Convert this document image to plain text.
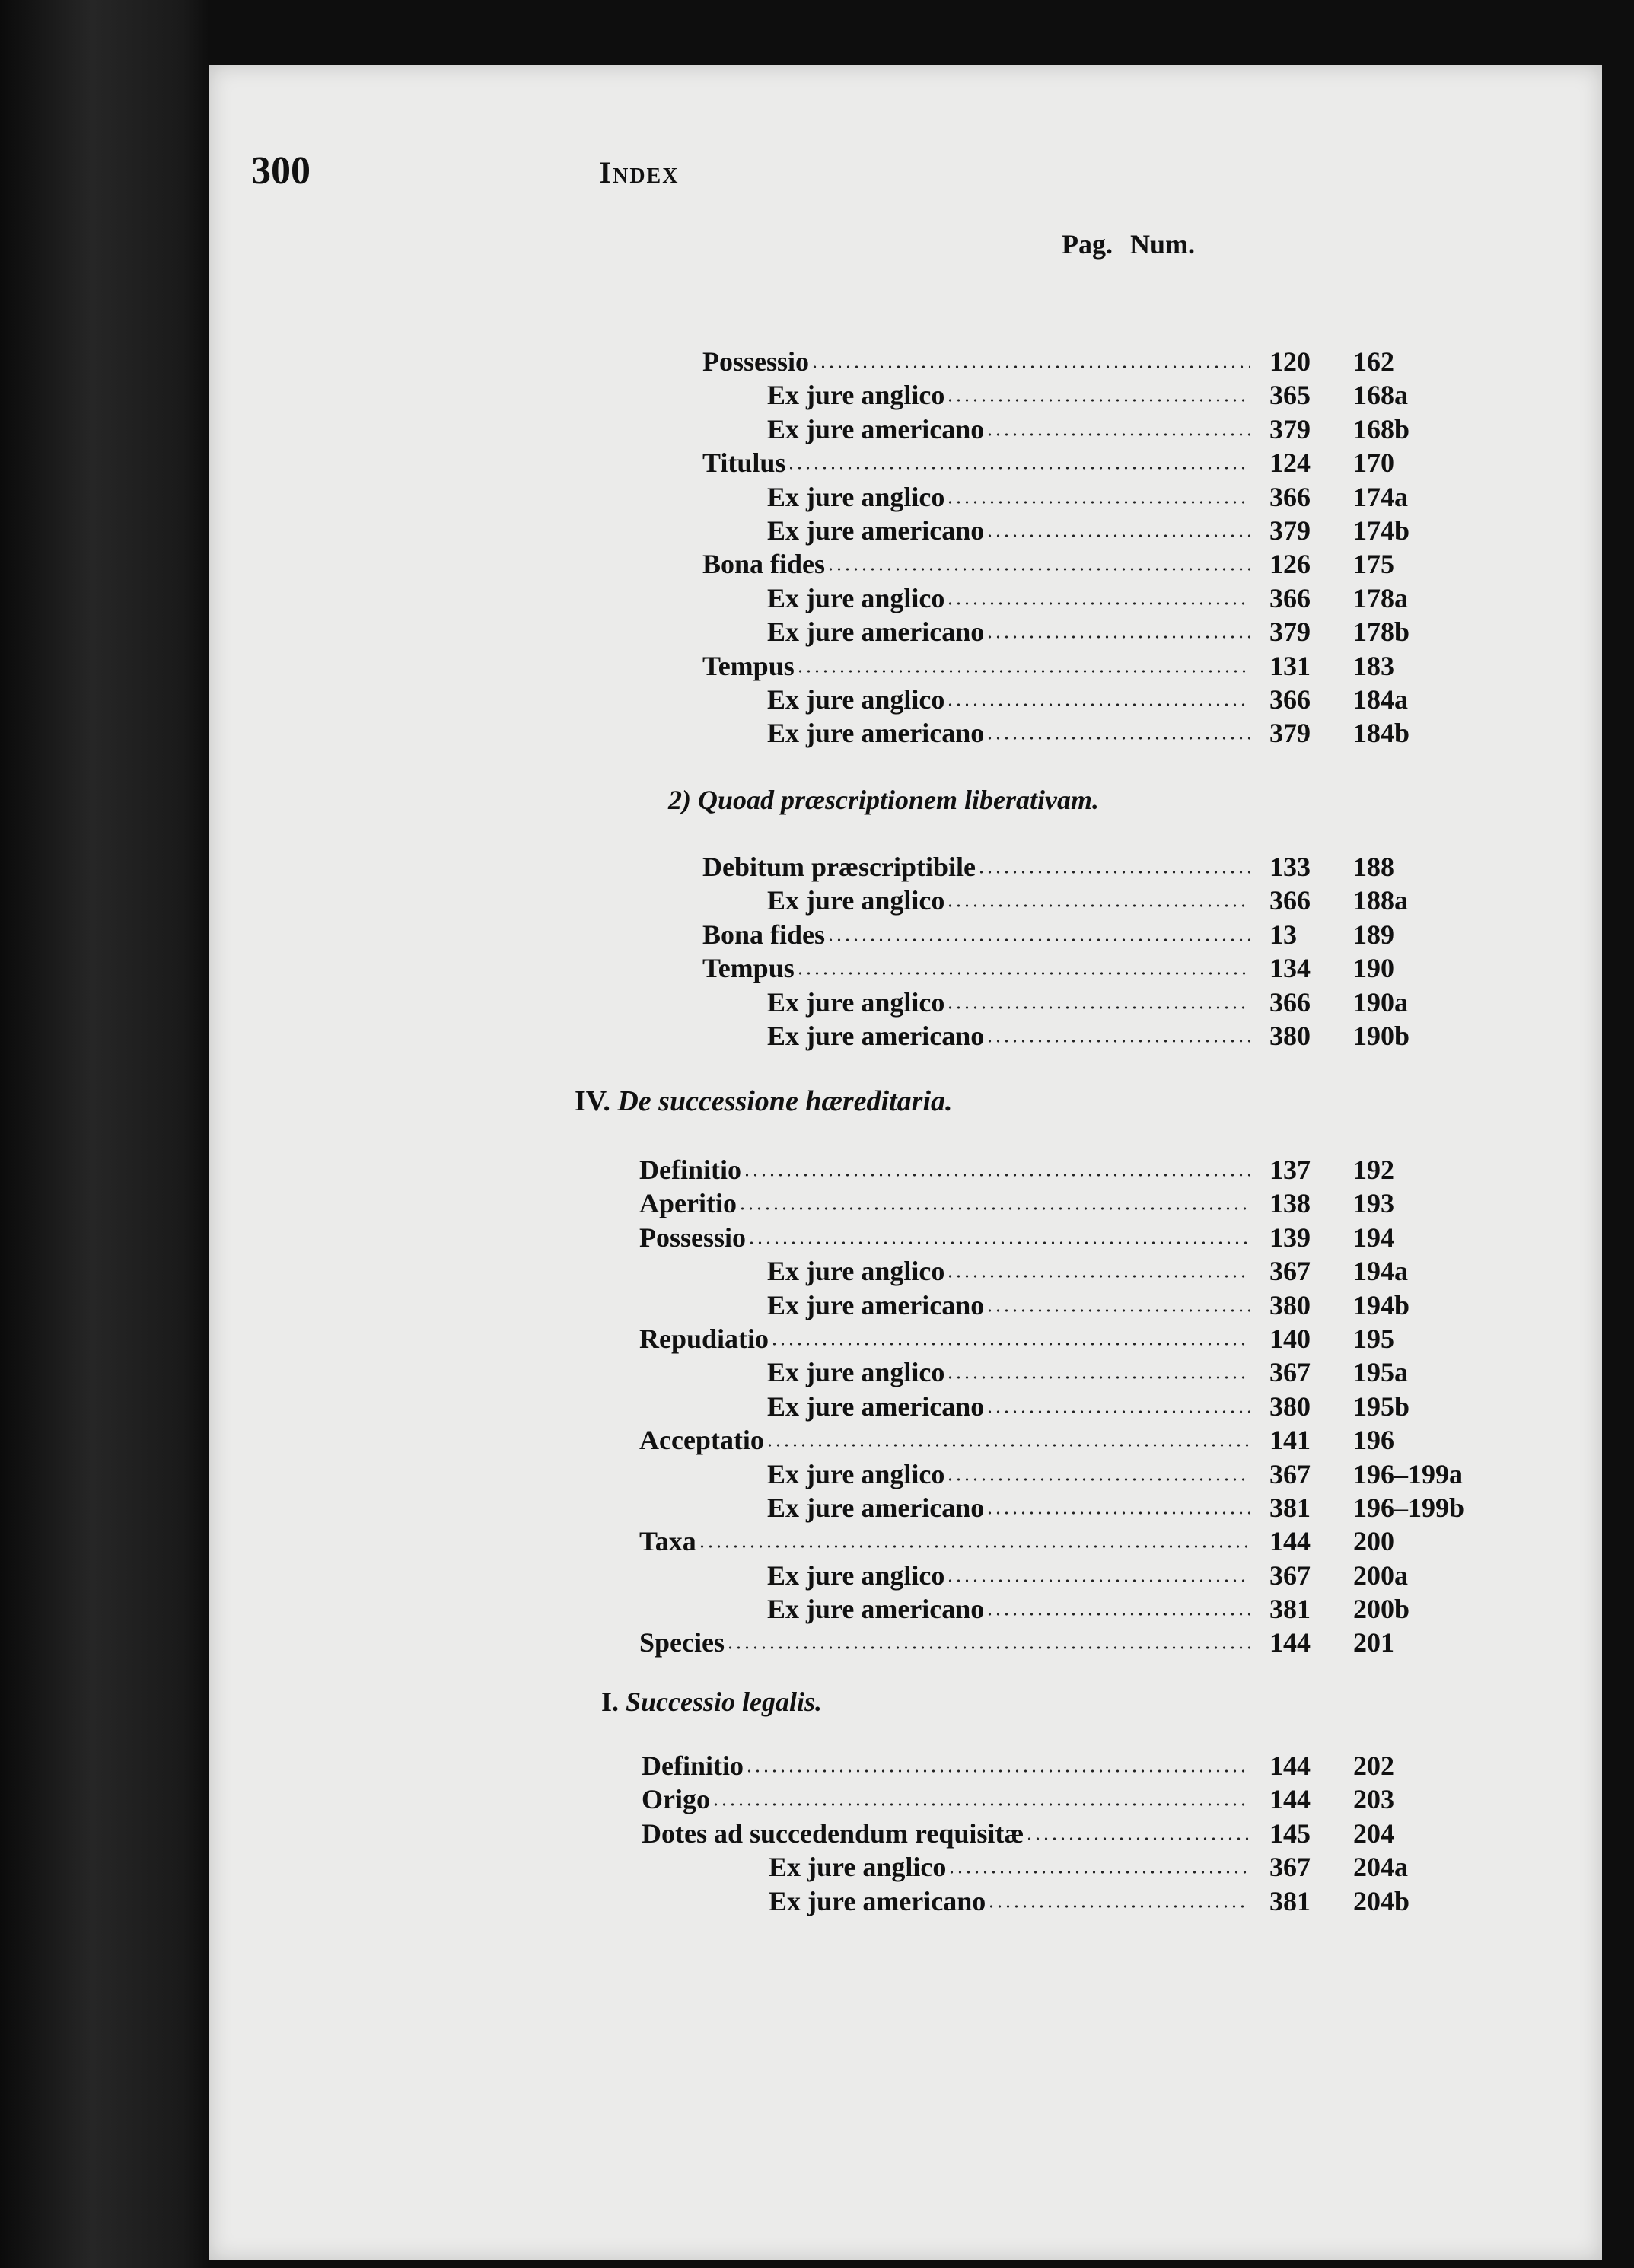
300	Index
Pag. Num.
Possessio	120	162
Ex jure anglico	365	168a
Ex jure americano	379	168b
Titulus	124	170
Ex jure anglico	366	174a
Ex jure americano	379	174b
Bona fides	126	175
Ex jure anglico	366	178a
Ex jure americano	379	178b
Tempus	131	183
Ex jure anglico	366	184a
Ex jure americano	379	184b
2) Quoad præscriptionem liberativam.
Debitum præscriptibile	133	188
Ex jure anglico	366	188a
Bona fides	13	189
Tempus	134	190
Ex jure anglico	366	190a
Ex jure americano	380	190b
IV. De successione hæreditaria.
Definitio	137	192
Aperitio	138	193
Possessio	139	194
Ex jure anglico	367	194a
Ex jure americano	380	194b
Repudiatio	140	195
Ex jure anglico	367	195a
Ex jure americano	380	195b
Acceptatio	141	196
Ex jure anglico	367	196–199a
Ex jure americano	381	196–199b
Taxa	144	200
Ex jure anglico	367	200a
Ex jure americano	381	200b
Species	144	201
I. Successio legalis.
Definitio	144	202
Origo	144	203
Dotes ad succedendum requisitæ	145	204
Ex jure anglico	367	204a
Ex jure americano	381	204b
